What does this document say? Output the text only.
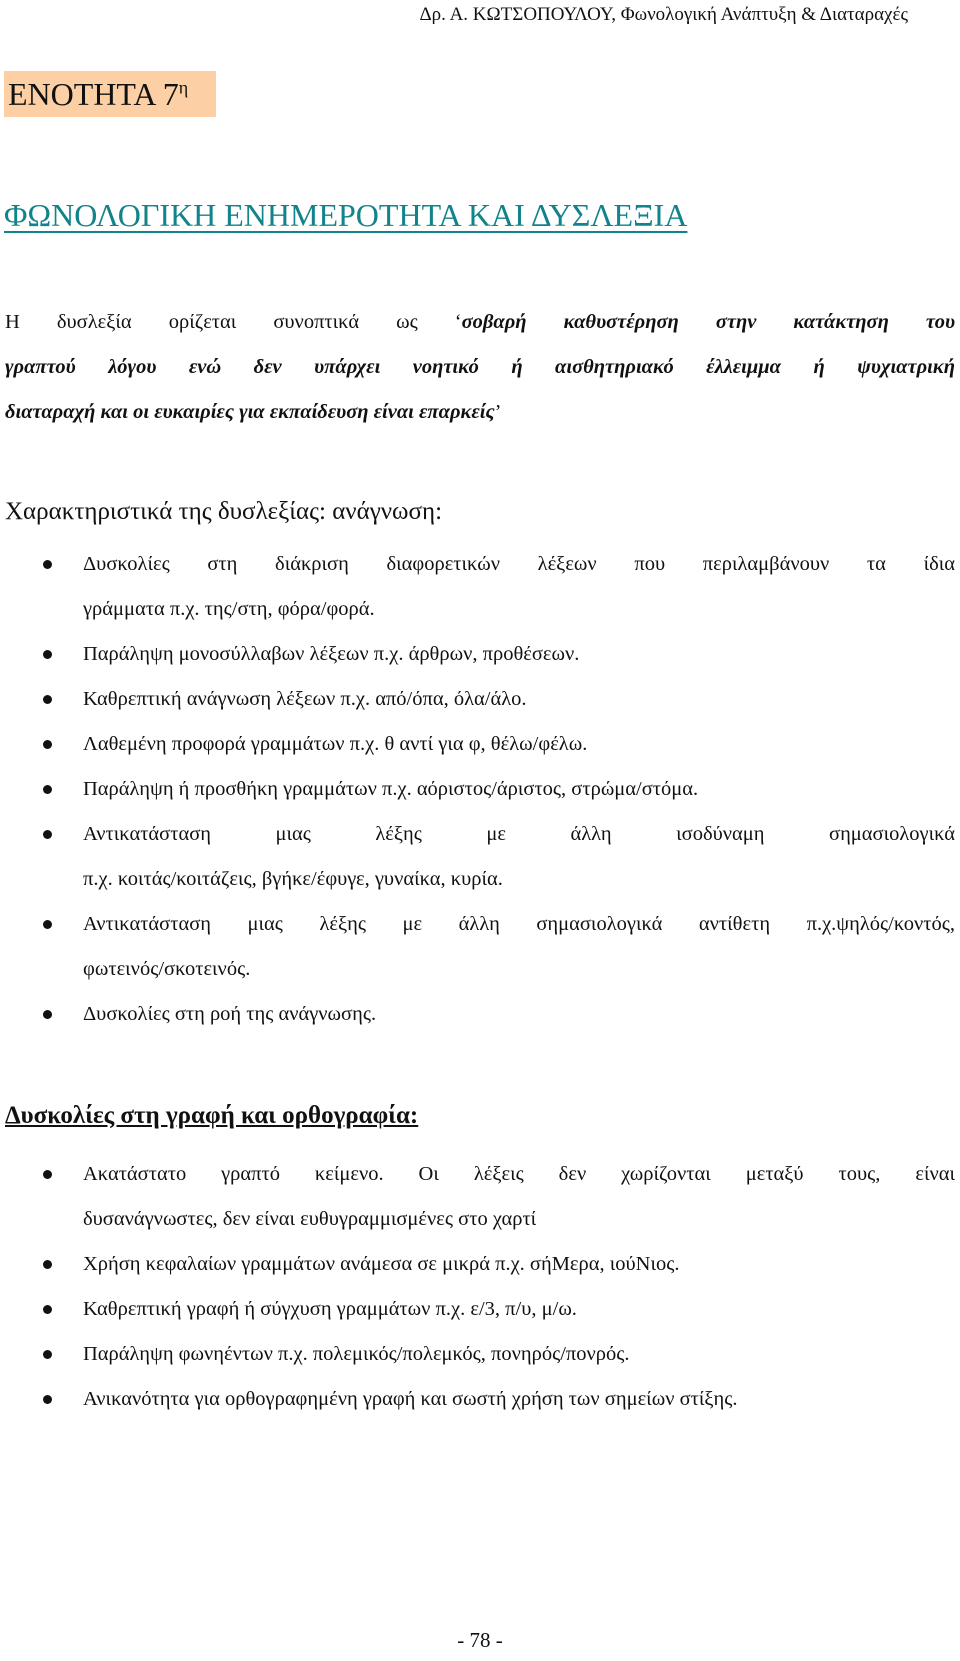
Δρ. Α. ΚΩΤΣΟΠΟΥΛΟΥ, Φωνολογική Ανάπτυξη & Διαταραχές
ΕΝΟΤΗΤΑ $7^\eta$
ΦΩΝΟΛΟΓΙΚΗ ΕΝΗΜΕΡΟΤΗΤΑ ΚΑΙ ΔΥΣΛΕΞΙΑ
Η δυσλεξία ορίζεται συνοπτικά ως ‘σοβαρή καθυστέρηση στην κατάκτηση του
γραπτού λόγου ενώ δεν υπάρχει νοητικό ή αισθητηριακό έλλειμμα ή ψυχιατρική
διαταραχή και οι ευκαιρίες για εκπαίδευση είναι επαρκείς’
Χαρακτηριστικά της δυσλεξίας: ανάγνωση:
Δυσκολίες στη διάκριση διαφορετικών λέξεων που περιλαμβάνουν τα ίδια
γράμματα π.χ. της/στη, φόρα/φορά.
Παράληψη μονοσύλλαβων λέξεων π.χ. άρθρων, προθέσεων.
Καθρεπτική ανάγνωση λέξεων π.χ. από/όπα, όλα/άλο.
Λαθεμένη προφορά γραμμάτων π.χ. θ αντί για φ, θέλω/φέλω.
Παράληψη ή προσθήκη γραμμάτων π.χ. αόριστος/άριστος, στρώμα/στόμα.
Αντικατάσταση μιας λέξης με άλλη ισοδύναμη σημασιολογικά
π.χ. κοιτάς/κοιτάζεις, βγήκε/έφυγε, γυναίκα, κυρία.
Αντικατάσταση μιας λέξης με άλλη σημασιολογικά αντίθετη π.χ.ψηλός/κοντός,
φωτεινός/σκοτεινός.
Δυσκολίες στη ροή της ανάγνωσης.
Δυσκολίες στη γραφή και ορθογραφία:
Ακατάστατο γραπτό κείμενο. Οι λέξεις δεν χωρίζονται μεταξύ τους, είναι
δυσανάγνωστες, δεν είναι ευθυγραμμισμένες στο χαρτί
Χρήση κεφαλαίων γραμμάτων ανάμεσα σε μικρά π.χ. σήΜερα, ιούΝιος.
Καθρεπτική γραφή ή σύγχυση γραμμάτων π.χ. ε/3, π/υ, μ/ω.
Παράληψη φωνηέντων π.χ. πολεμικός/πολεμκός, πονηρός/πονρός.
Ανικανότητα για ορθογραφημένη γραφή και σωστή χρήση των σημείων στίξης.
- 78 -
